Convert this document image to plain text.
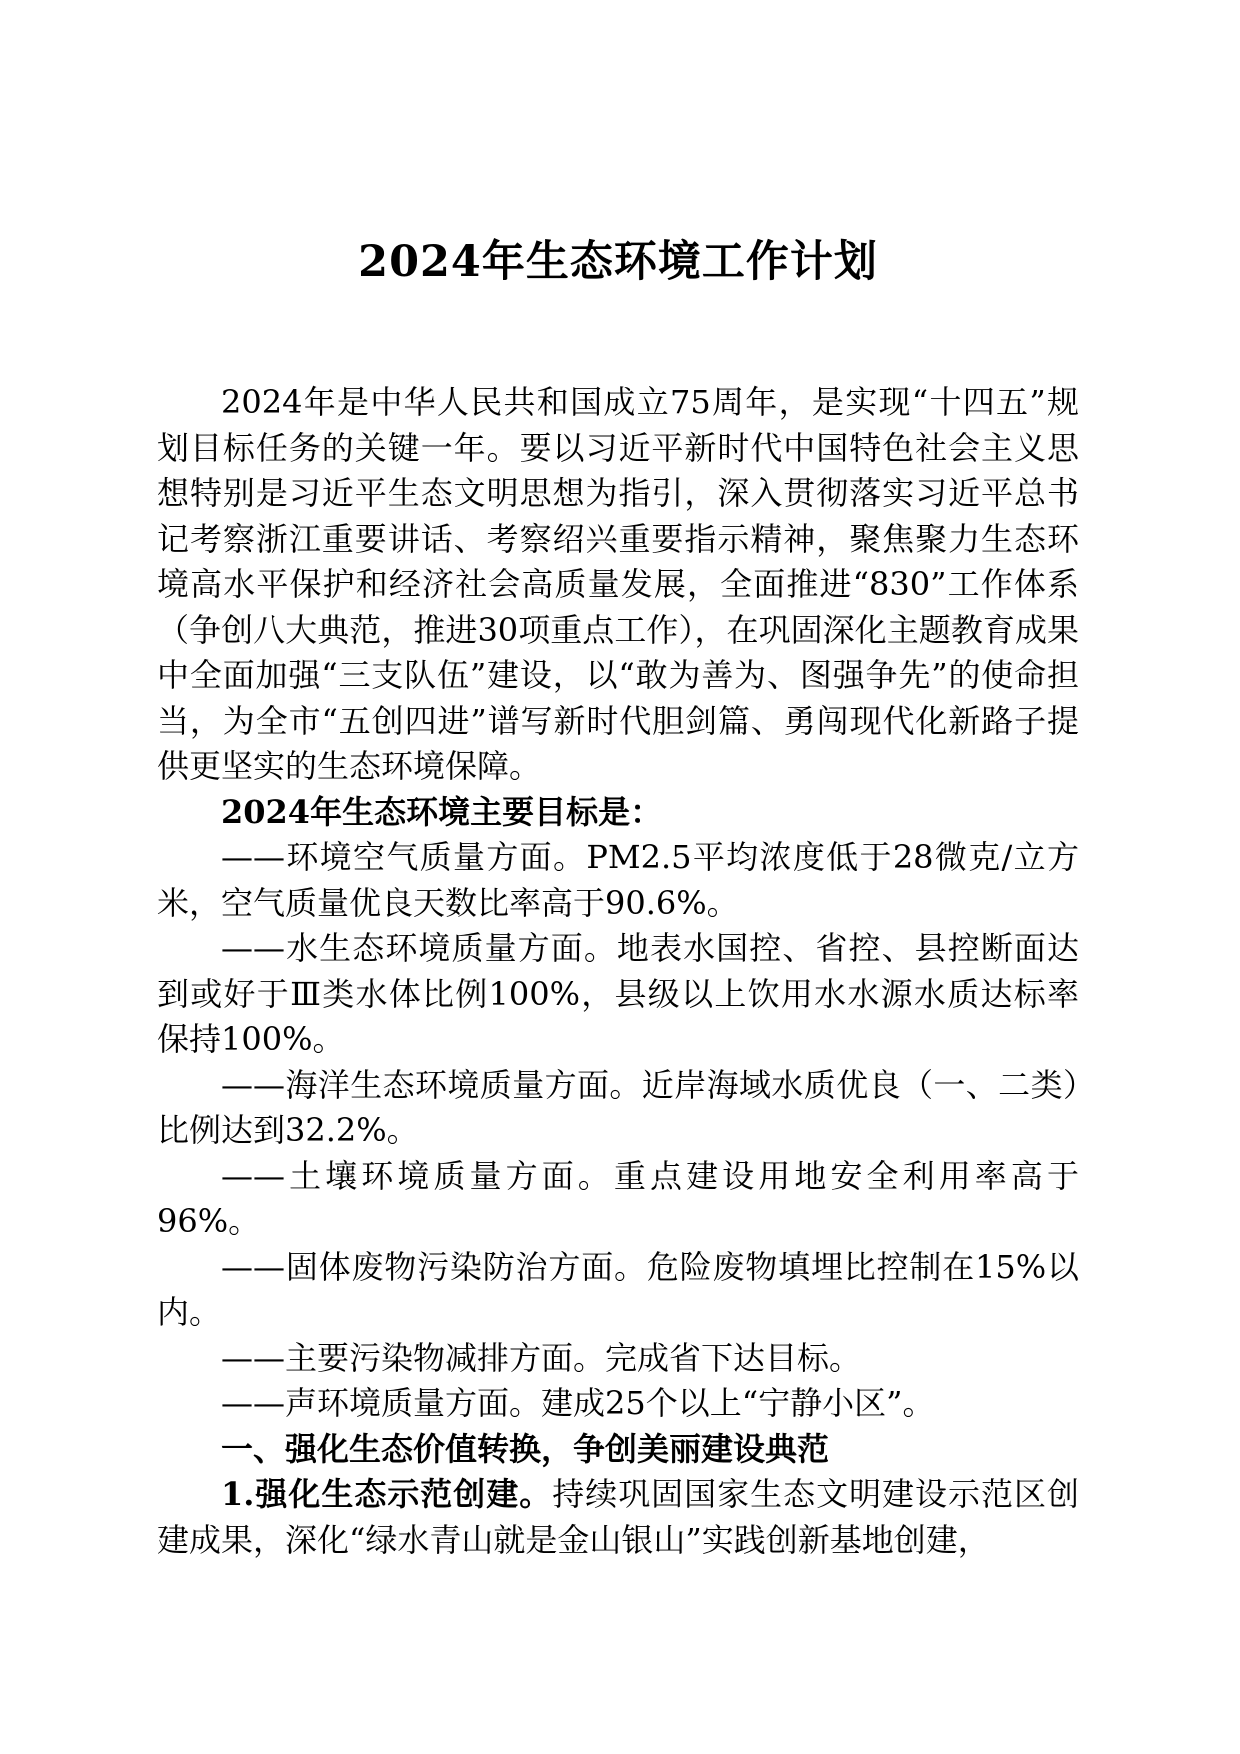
2024年生态环境工作计划

2024年是中华人民共和国成立75周年，是实现“十四五”规划目标任务的关键一年。要以习近平新时代中国特色社会主义思想特别是习近平生态文明思想为指引，深入贯彻落实习近平总书记考察浙江重要讲话、考察绍兴重要指示精神，聚焦聚力生态环境高水平保护和经济社会高质量发展，全面推进“830”工作体系（争创八大典范，推进30项重点工作），在巩固深化主题教育成果中全面加强“三支队伍”建设，以“敢为善为、图强争先”的使命担当，为全市“五创四进”谱写新时代胆剑篇、勇闯现代化新路子提供更坚实的生态环境保障。

2024年生态环境主要目标是：

——环境空气质量方面。PM2.5平均浓度低于28微克/立方米，空气质量优良天数比率高于90.6%。

——水生态环境质量方面。地表水国控、省控、县控断面达到或好于Ⅲ类水体比例100%，县级以上饮用水水源水质达标率保持100%。

——海洋生态环境质量方面。近岸海域水质优良（一、二类）比例达到32.2%。

——土壤环境质量方面。重点建设用地安全利用率高于96%。

——固体废物污染防治方面。危险废物填埋比控制在15%以内。

——主要污染物减排方面。完成省下达目标。

——声环境质量方面。建成25个以上“宁静小区”。

一、强化生态价值转换，争创美丽建设典范

1.强化生态示范创建。持续巩固国家生态文明建设示范区创建成果，深化“绿水青山就是金山银山”实践创新基地创建，
